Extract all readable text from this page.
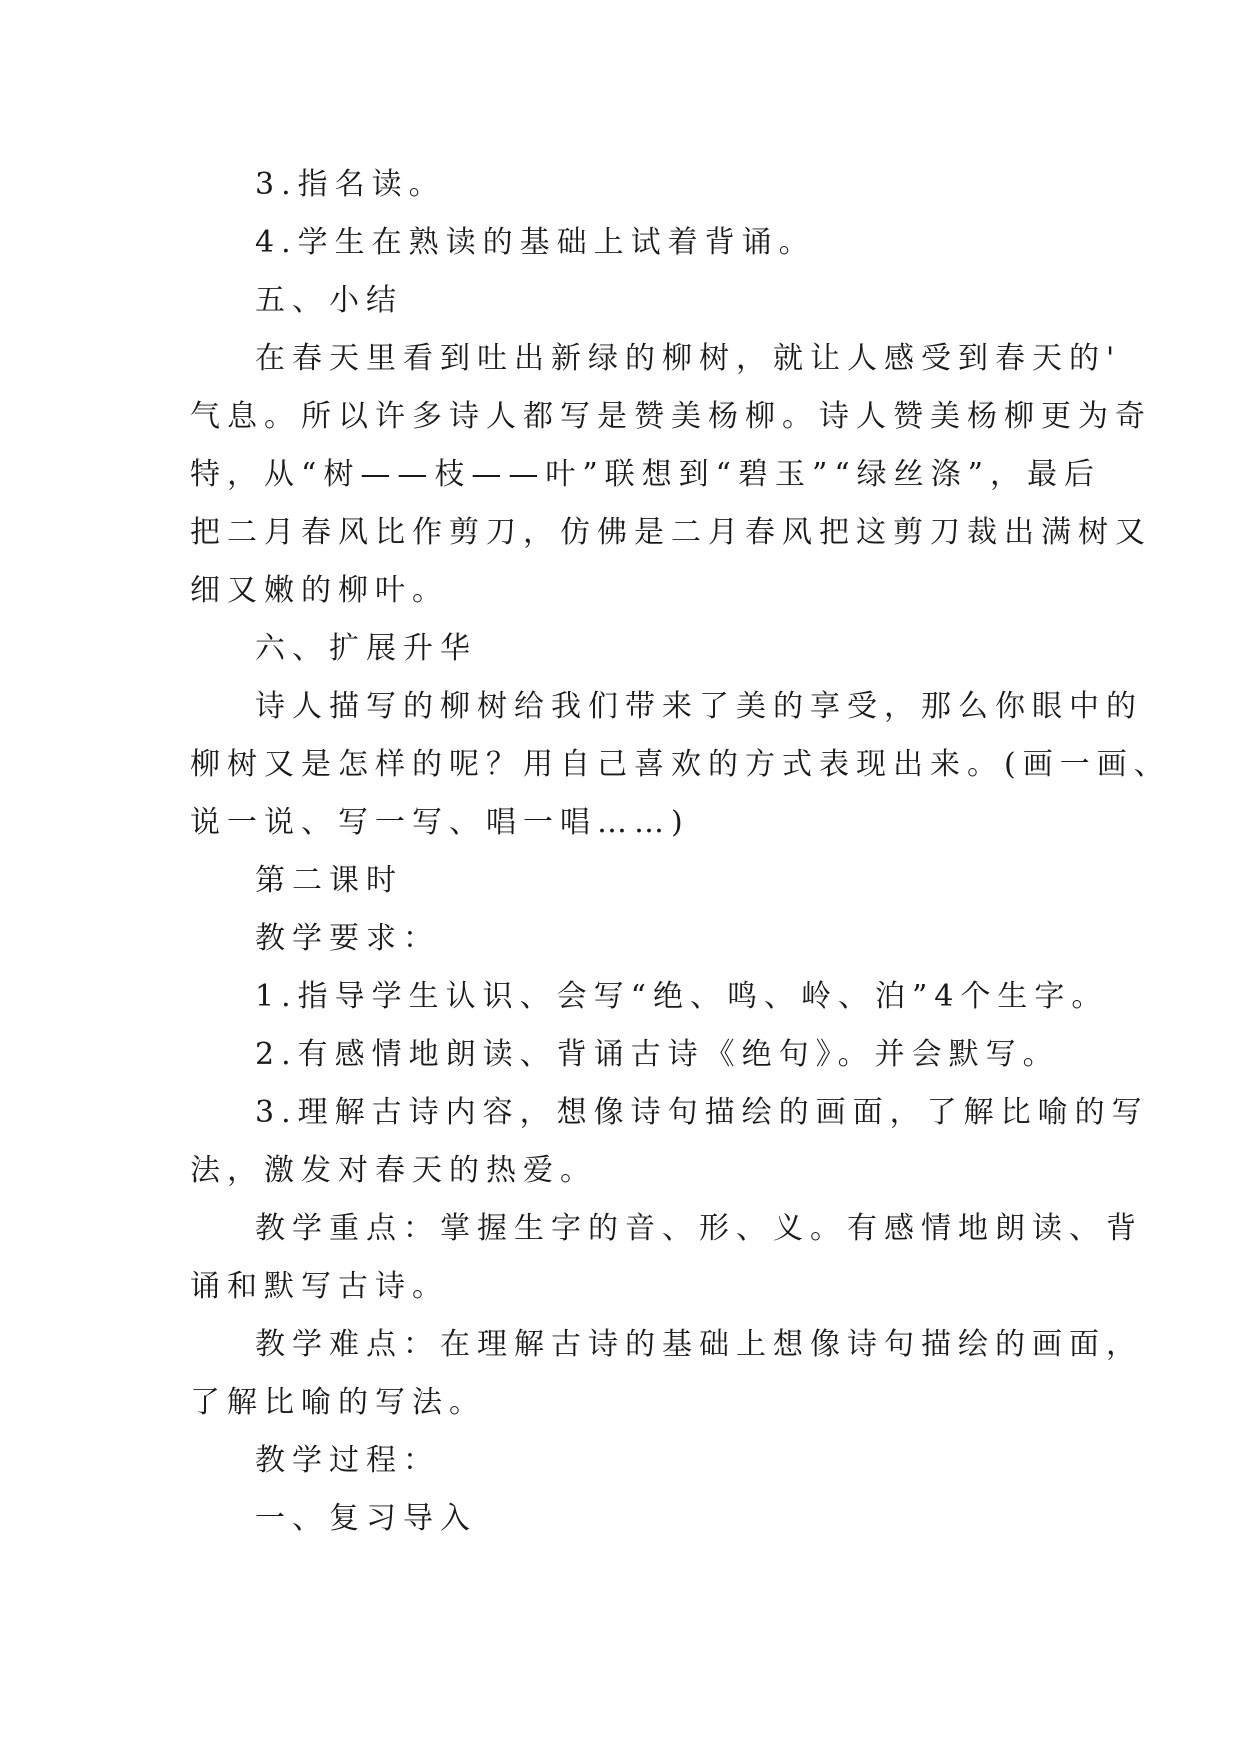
3.指名读。
4.学生在熟读的基础上试着背诵。
五、小结
在春天里看到吐出新绿的柳树，就让人感受到春天的'
气息。所以许多诗人都写是赞美杨柳。诗人赞美杨柳更为奇
特，从“树——枝——叶”联想到“碧玉”“绿丝涤”，最后
把二月春风比作剪刀，仿佛是二月春风把这剪刀裁出满树又
细又嫩的柳叶。
六、扩展升华
诗人描写的柳树给我们带来了美的享受，那么你眼中的
柳树又是怎样的呢？用自己喜欢的方式表现出来。(画一画、
说一说、写一写、唱一唱……)
第二课时
教学要求：
1.指导学生认识、会写“绝、鸣、岭、泊”4个生字。
2.有感情地朗读、背诵古诗《绝句》。并会默写。
3.理解古诗内容，想像诗句描绘的画面，了解比喻的写
法，激发对春天的热爱。
教学重点：掌握生字的音、形、义。有感情地朗读、背
诵和默写古诗。
教学难点：在理解古诗的基础上想像诗句描绘的画面，
了解比喻的写法。
教学过程：
一、复习导入
